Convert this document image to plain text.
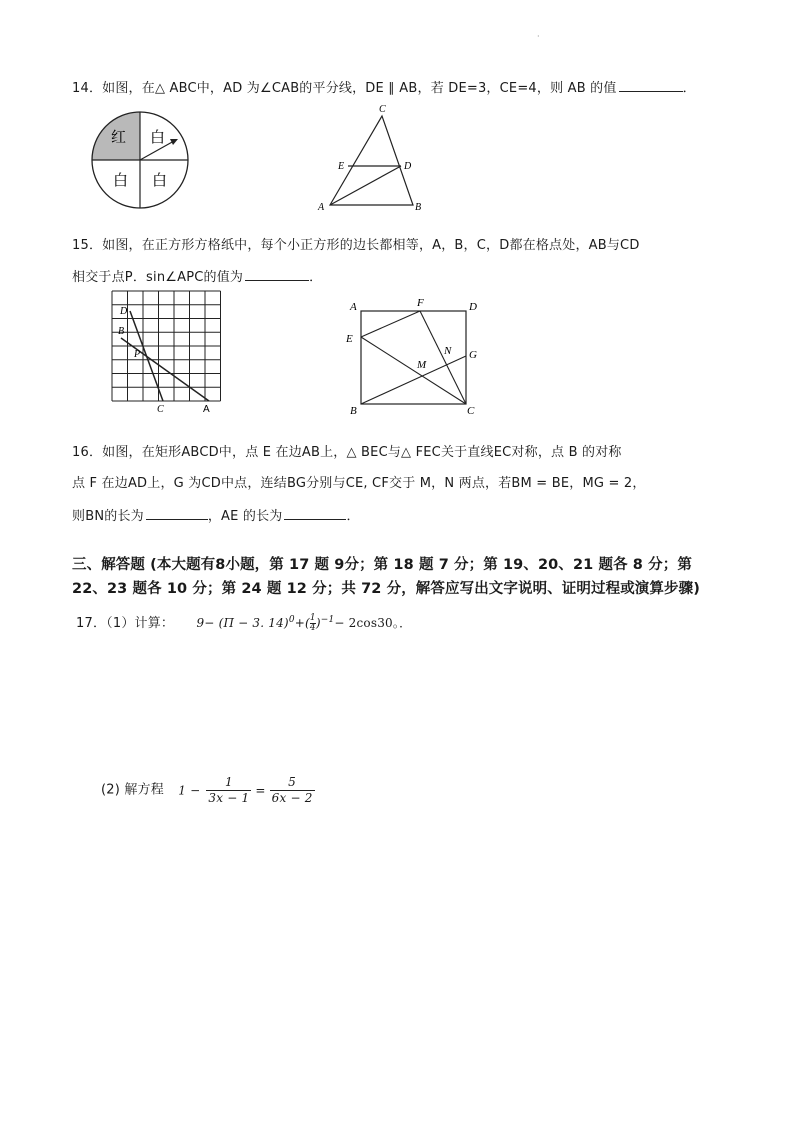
·
14．如图，在△ ABC中，AD 为∠CAB的平分线，DE ∥ AB，若 DE=3，CE=4，则 AB 的值	．
红 白
白 白
C
E	D
A	B
15．如图，在正方形方格纸中，每个小正方形的边长都相等，A，B，C，D都在格点处，AB与CD
相交于点P．sin∠APC的值为	．
D
B
P
C	A
A	F	D
E
N G
M
B	C
16．如图，在矩形ABCD中，点 E 在边AB上，△ BEC与△ FEC关于直线EC对称，点 B 的对称
点 F 在边AD上，G 为CD中点，连结BG分别与CE, CF交于 M，N 两点，若BM = BE，MG = 2，
则BN的长为	，AE 的长为	．
三、解答题 (本大题有8小题，第 17 题 9分；第 18 题 7 分；第 19、20、21 题各 8 分；第
22、23 题各 10 分；第 24 题 12 分；共 72 分，解答应写出文字说明、证明过程或演算步骤)
17．（1）计算： 9− (Π − 3. $14)^0+( \frac{1}{4} )^{-1}- 2\cos 30$。．
(2) 解方程 $1 - \frac{1}{3x - 1} = \frac{5}{6x - 2}$
